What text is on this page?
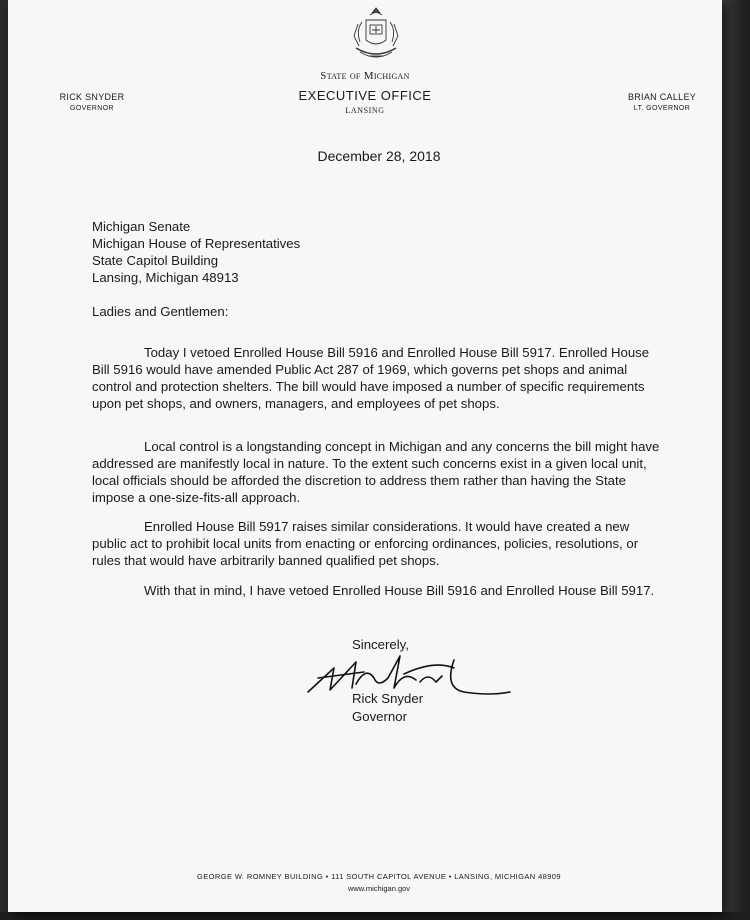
State of Michigan
EXECUTIVE OFFICE
LANSING
RICK SNYDER
GOVERNOR
BRIAN CALLEY
LT. GOVERNOR
December 28, 2018
Michigan Senate
Michigan House of Representatives
State Capitol Building
Lansing, Michigan 48913
Ladies and Gentlemen:

Today I vetoed Enrolled House Bill 5916 and Enrolled House Bill 5917. Enrolled House Bill 5916 would have amended Public Act 287 of 1969, which governs pet shops and animal control and protection shelters. The bill would have imposed a number of specific requirements upon pet shops, and owners, managers, and employees of pet shops.

Local control is a longstanding concept in Michigan and any concerns the bill might have addressed are manifestly local in nature. To the extent such concerns exist in a given local unit, local officials should be afforded the discretion to address them rather than having the State impose a one-size-fits-all approach.

Enrolled House Bill 5917 raises similar considerations. It would have created a new public act to prohibit local units from enacting or enforcing ordinances, policies, resolutions, or rules that would have arbitrarily banned qualified pet shops.

With that in mind, I have vetoed Enrolled House Bill 5916 and Enrolled House Bill 5917.

Sincerely,
Rick Snyder
Governor
GEORGE W. ROMNEY BUILDING • 111 SOUTH CAPITOL AVENUE • LANSING, MICHIGAN 48909
www.michigan.gov
